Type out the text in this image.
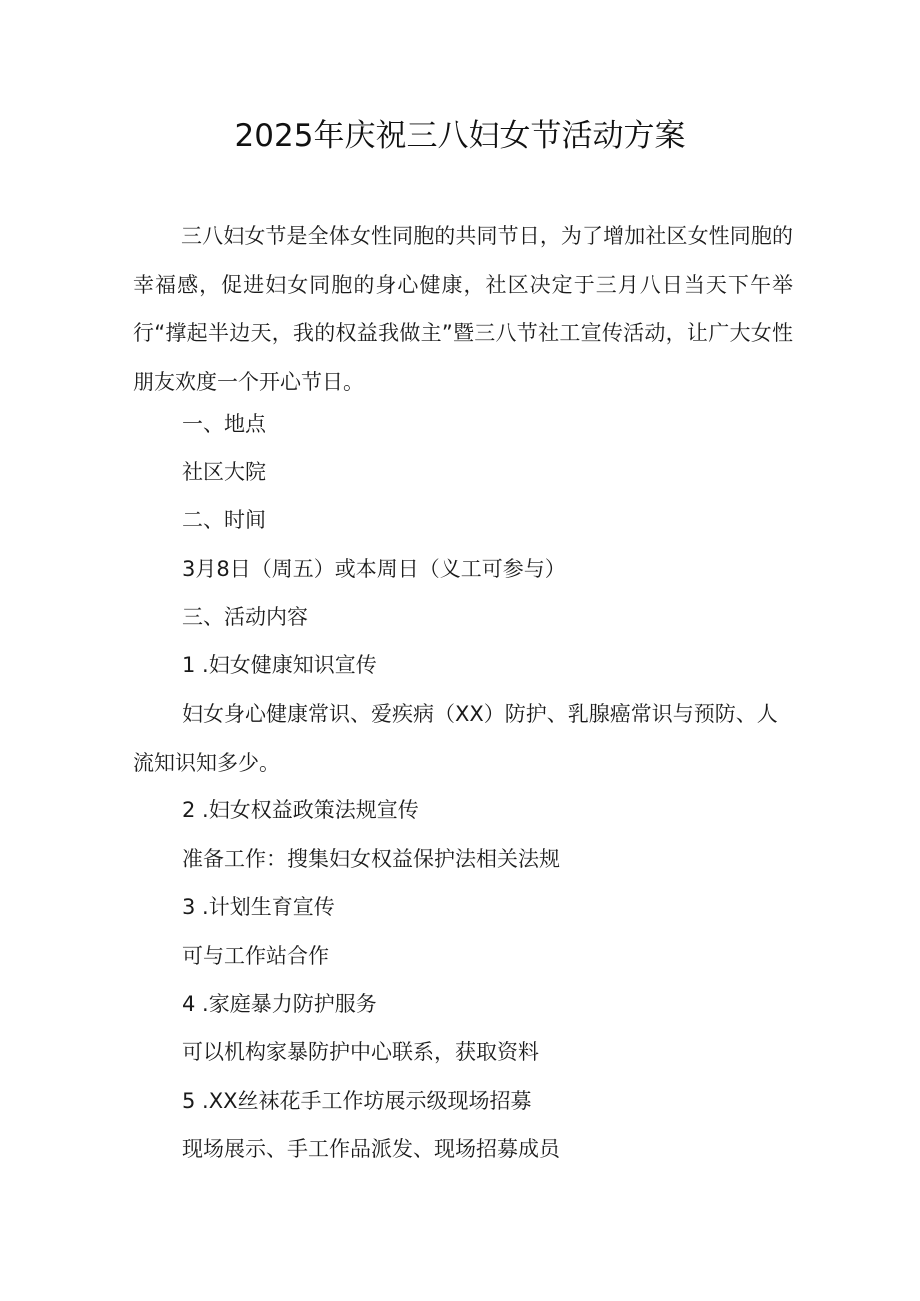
2025年庆祝三八妇女节活动方案

三八妇女节是全体女性同胞的共同节日，为了增加社区女性同胞的幸福感，促进妇女同胞的身心健康，社区决定于三月八日当天下午举行“撑起半边天，我的权益我做主”暨三八节社工宣传活动，让广大女性朋友欢度一个开心节日。

一、地点

社区大院

二、时间

3月8日（周五）或本周日（义工可参与）

三、活动内容

1 .妇女健康知识宣传

妇女身心健康常识、爱疾病（XX）防护、乳腺癌常识与预防、人流知识知多少。

2 .妇女权益政策法规宣传

准备工作：搜集妇女权益保护法相关法规

3 .计划生育宣传

可与工作站合作

4 .家庭暴力防护服务

可以机构家暴防护中心联系，获取资料

5 .XX丝袜花手工作坊展示级现场招募

现场展示、手工作品派发、现场招募成员
